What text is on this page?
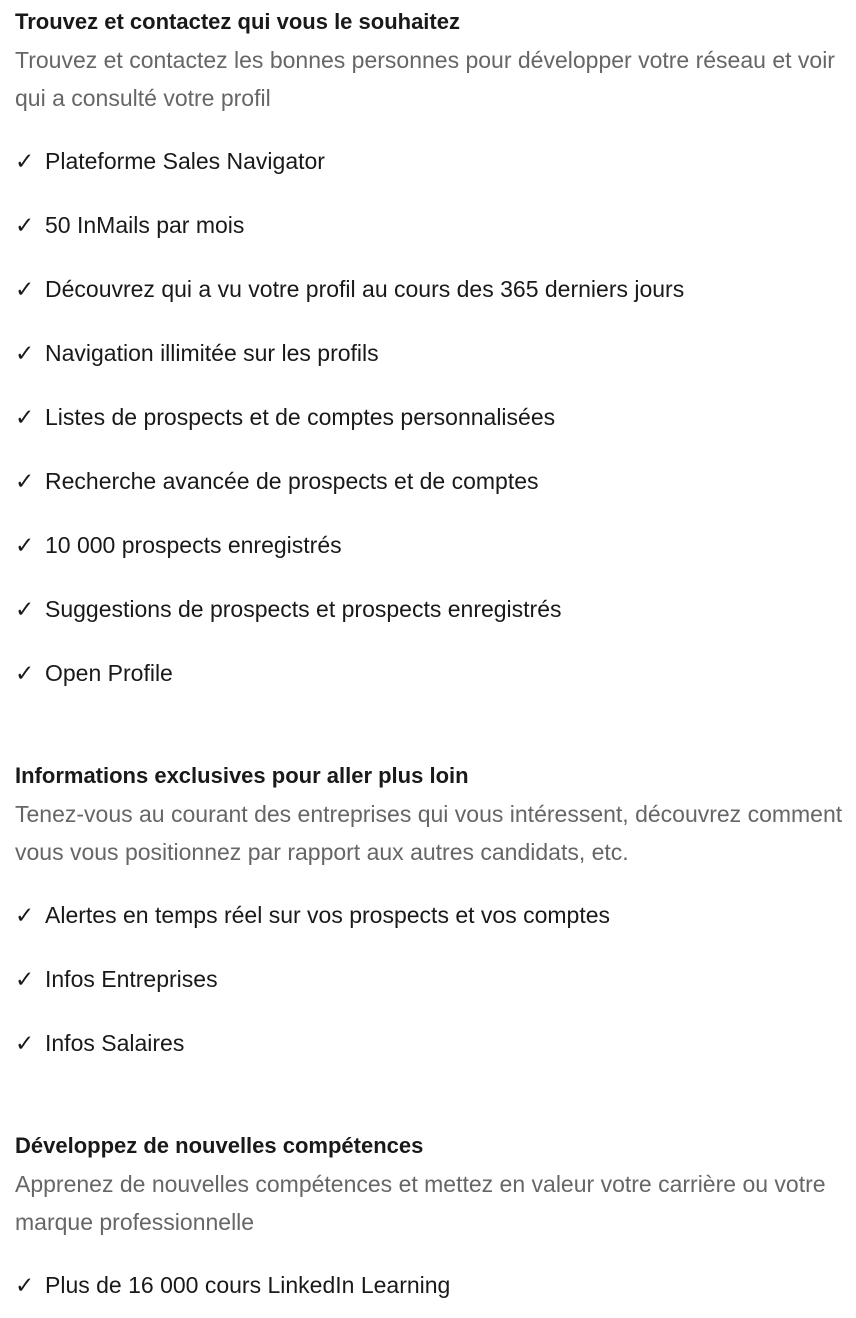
Trouvez et contactez qui vous le souhaitez

Trouvez et contactez les bonnes personnes pour développer votre réseau et voir qui a consulté votre profil

✓ Plateforme Sales Navigator
✓ 50 InMails par mois
✓ Découvrez qui a vu votre profil au cours des 365 derniers jours
✓ Navigation illimitée sur les profils
✓ Listes de prospects et de comptes personnalisées
✓ Recherche avancée de prospects et de comptes
✓ 10 000 prospects enregistrés
✓ Suggestions de prospects et prospects enregistrés
✓ Open Profile
Informations exclusives pour aller plus loin

Tenez-vous au courant des entreprises qui vous intéressent, découvrez comment vous vous positionnez par rapport aux autres candidats, etc.

✓ Alertes en temps réel sur vos prospects et vos comptes
✓ Infos Entreprises
✓ Infos Salaires
Développez de nouvelles compétences

Apprenez de nouvelles compétences et mettez en valeur votre carrière ou votre marque professionnelle

✓ Plus de 16 000 cours LinkedIn Learning
